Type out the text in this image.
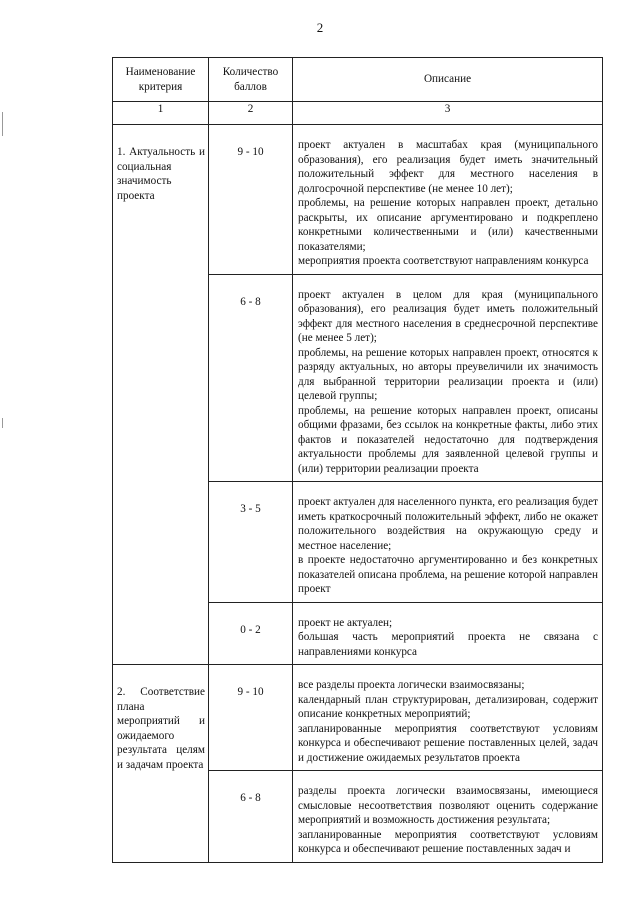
2
Наименование критерия	Количество баллов	Описание
1	2	3
1. Актуальность и социальная значимость проекта	9 - 10	проект актуален в масштабах края (муниципального образования), его реализация будет иметь значительный положительный эффект для местного населения в долгосрочной перспективе (не менее 10 лет);
проблемы, на решение которых направлен проект, детально раскрыты, их описание аргументировано и подкреплено конкретными количественными и (или) качественными показателями;
мероприятия проекта соответствуют направлениям конкурса

	6 - 8	проект актуален в целом для края (муниципального образования), его реализация будет иметь положительный эффект для местного населения в среднесрочной перспективе (не менее 5 лет);
проблемы, на решение которых направлен проект, относятся к разряду актуальных, но авторы преувеличили их значимость для выбранной территории реализации проекта и (или) целевой группы;
проблемы, на решение которых направлен проект, описаны общими фразами, без ссылок на конкретные факты, либо этих фактов и показателей недостаточно для подтверждения актуальности проблемы для заявленной целевой группы и (или) территории реализации проекта

	3 - 5	проект актуален для населенного пункта, его реализация будет иметь краткосрочный положительный эффект, либо не окажет положительного воздействия на окружающую среду и местное население;
в проекте недостаточно аргументированно и без конкретных показателей описана проблема, на решение которой направлен проект

	0 - 2	проект не актуален;
большая часть мероприятий проекта не связана с направлениями конкурса

2. Соответствие плана мероприятий и ожидаемого результата целям и задачам проекта	9 - 10	все разделы проекта логически взаимосвязаны;
календарный план структурирован, детализирован, содержит описание конкретных мероприятий;
запланированные мероприятия соответствуют условиям конкурса и обеспечивают решение поставленных целей, задач и достижение ожидаемых результатов проекта

	6 - 8	разделы проекта логически взаимосвязаны, имеющиеся смысловые несоответствия позволяют оценить содержание мероприятий и возможность достижения результата;
запланированные мероприятия соответствуют условиям конкурса и обеспечивают решение поставленных задач и
